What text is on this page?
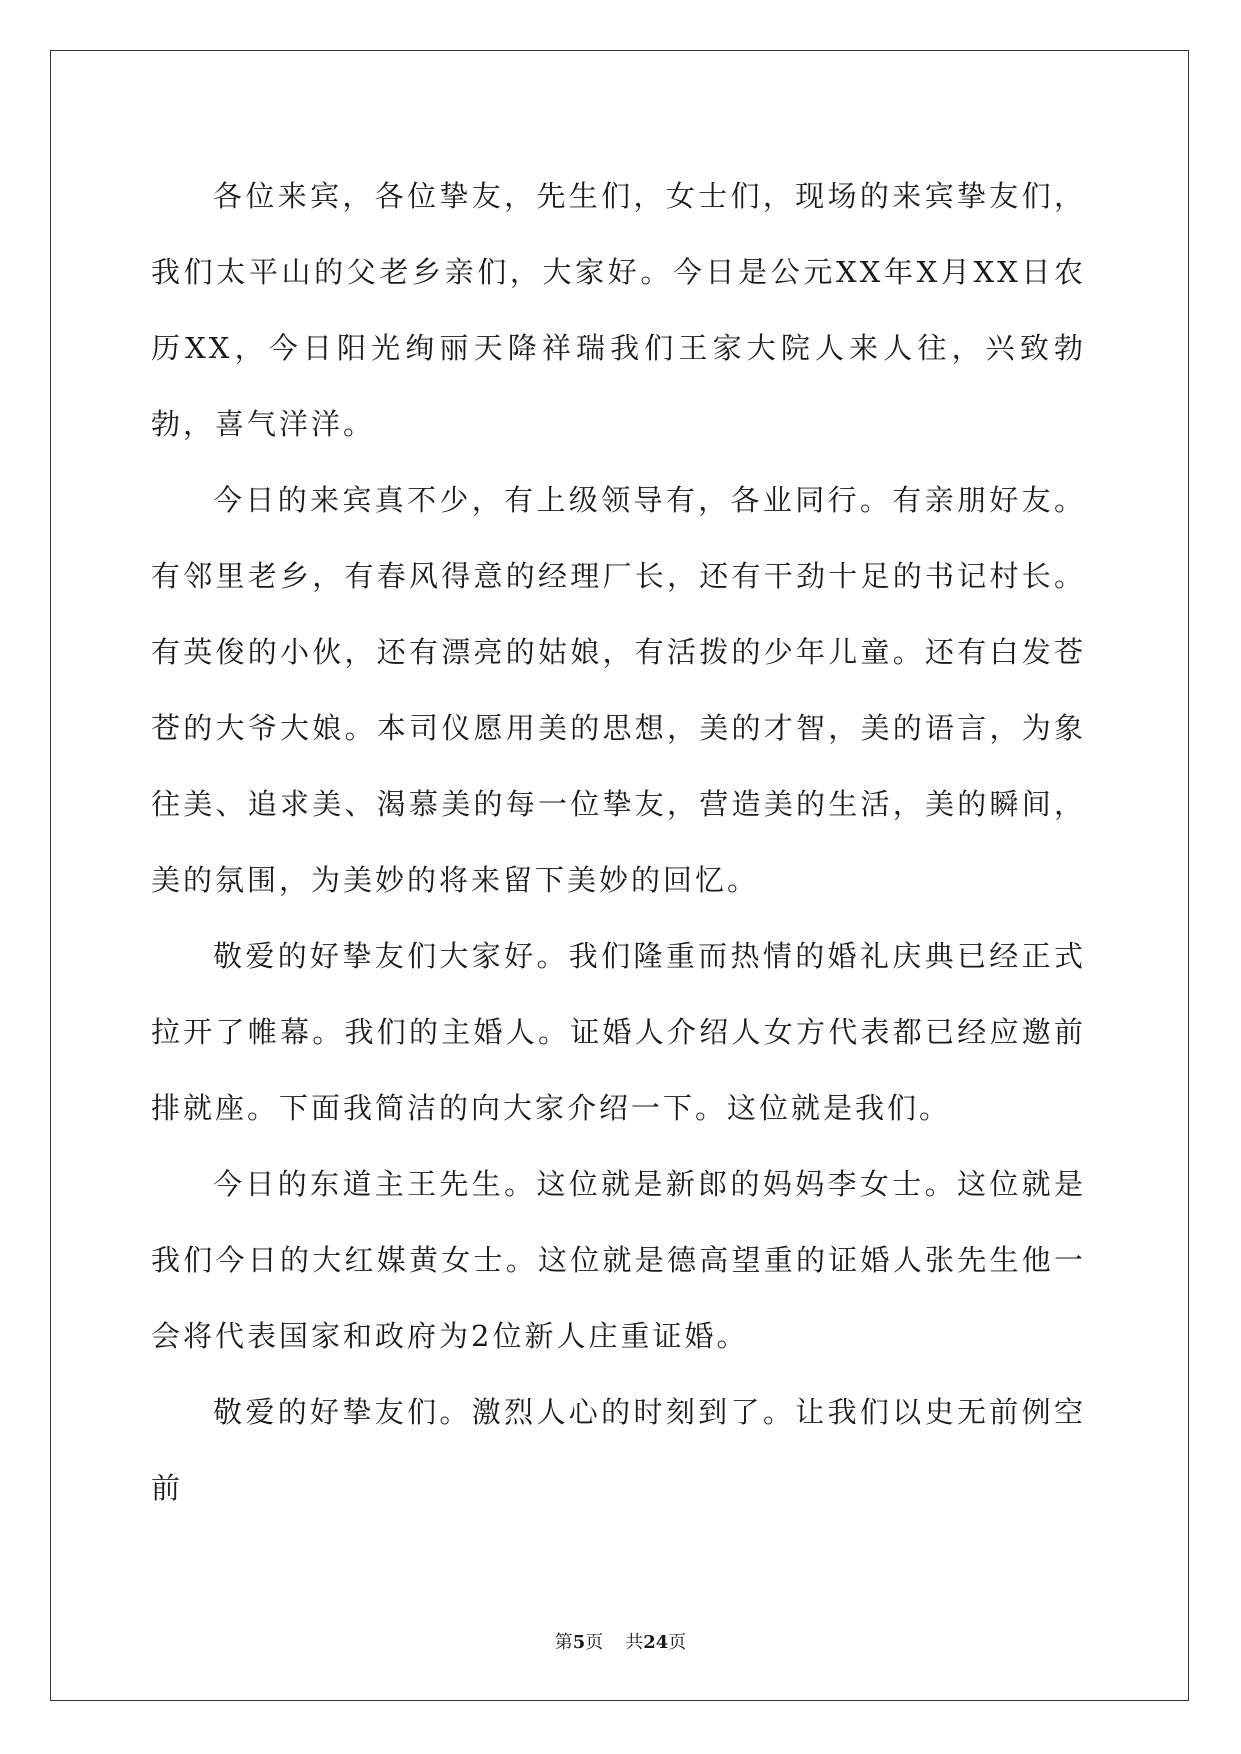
各位来宾，各位挚友，先生们，女士们，现场的来宾挚友们，我们太平山的父老乡亲们，大家好。今日是公元XX年X月XX日农历XX，今日阳光绚丽天降祥瑞我们王家大院人来人往，兴致勃勃，喜气洋洋。

今日的来宾真不少，有上级领导有，各业同行。有亲朋好友。有邻里老乡，有春风得意的经理厂长，还有干劲十足的书记村长。有英俊的小伙，还有漂亮的姑娘，有活拨的少年儿童。还有白发苍苍的大爷大娘。本司仪愿用美的思想，美的才智，美的语言，为象往美、追求美、渴慕美的每一位挚友，营造美的生活，美的瞬间，美的氛围，为美妙的将来留下美妙的回忆。

敬爱的好挚友们大家好。我们隆重而热情的婚礼庆典已经正式拉开了帷幕。我们的主婚人。证婚人介绍人女方代表都已经应邀前排就座。下面我简洁的向大家介绍一下。这位就是我们。

今日的东道主王先生。这位就是新郎的妈妈李女士。这位就是我们今日的大红媒黄女士。这位就是德高望重的证婚人张先生他一会将代表国家和政府为2位新人庄重证婚。

敬爱的好挚友们。激烈人心的时刻到了。让我们以史无前例空前

第5页 共24页
